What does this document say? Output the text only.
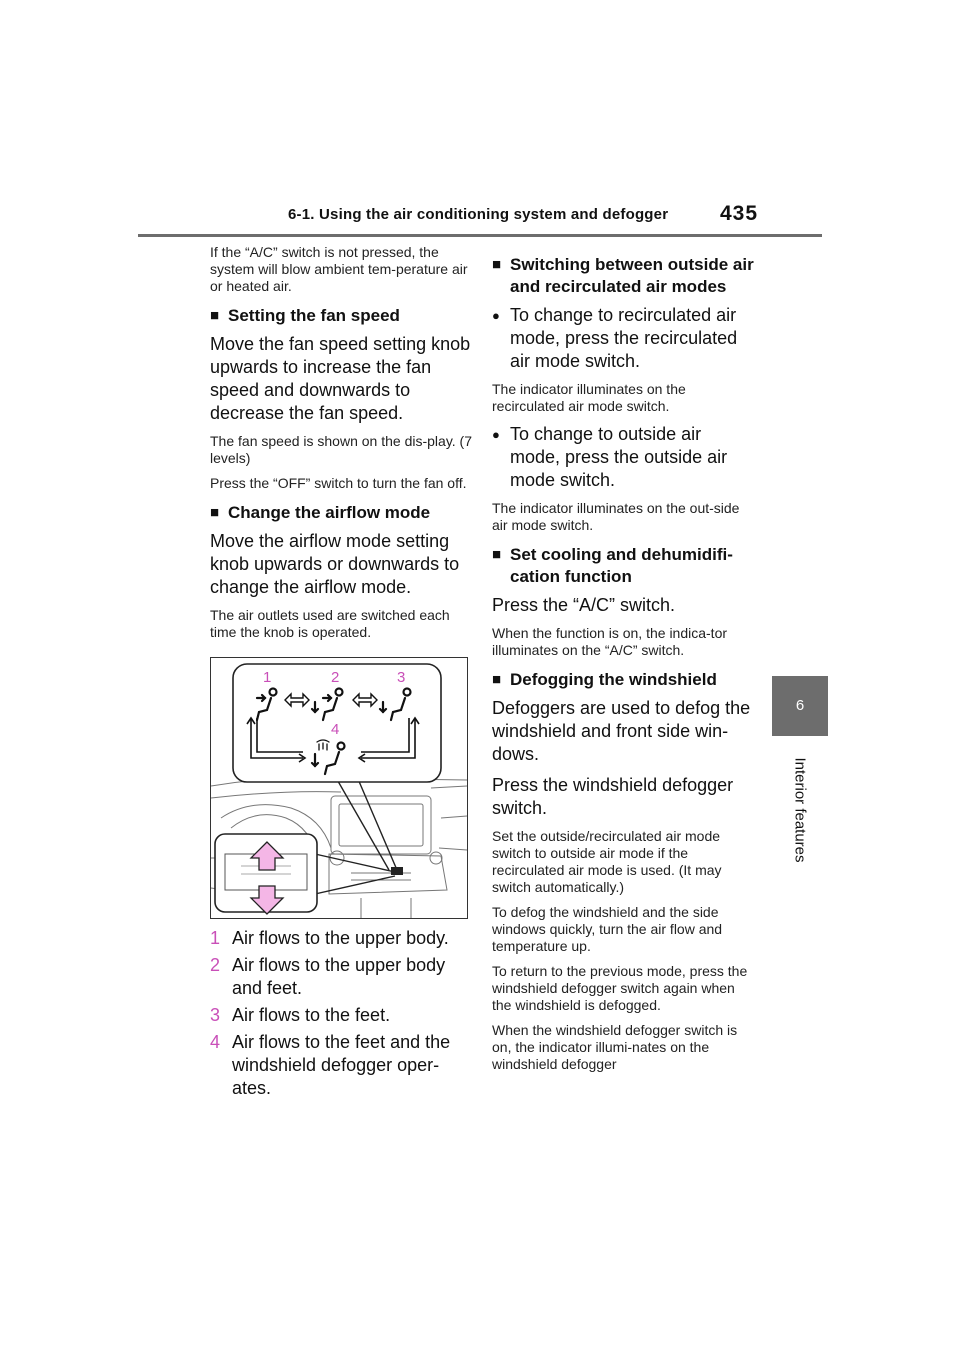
6-1. Using the air conditioning system and defogger 435
6
Interior features

If the “A/C” switch is not pressed, the system will blow ambient tem-perature air or heated air.

■ Setting the fan speed

Move the fan speed setting knob upwards to increase the fan speed and downwards to decrease the fan speed.

The fan speed is shown on the dis-play. (7 levels)

Press the “OFF” switch to turn the fan off.

■ Change the airflow mode

Move the airflow mode setting knob upwards or downwards to change the airflow mode.

The air outlets used are switched each time the knob is operated.

1	2	3
4
1 Air flows to the upper body.
2 Air flows to the upper body and feet.
3 Air flows to the feet.
4 Air flows to the feet and the windshield defogger oper-ates.
■ Switching between outside air and recirculated air modes
● To change to recirculated air mode, press the recirculated air mode switch.

The indicator illuminates on the recirculated air mode switch.

● To change to outside air mode, press the outside air mode switch.

The indicator illuminates on the out-side air mode switch.

■ Set cooling and dehumidifi-cation function

Press the “A/C” switch.

When the function is on, the indica-tor illuminates on the “A/C” switch.

■ Defogging the windshield

Defoggers are used to defog the windshield and front side win-dows.

Press the windshield defogger switch.

Set the outside/recirculated air mode switch to outside air mode if the recirculated air mode is used. (It may switch automatically.)

To defog the windshield and the side windows quickly, turn the air flow and temperature up.

To return to the previous mode, press the windshield defogger switch again when the windshield is defogged.

When the windshield defogger switch is on, the indicator illumi-nates on the windshield defogger
